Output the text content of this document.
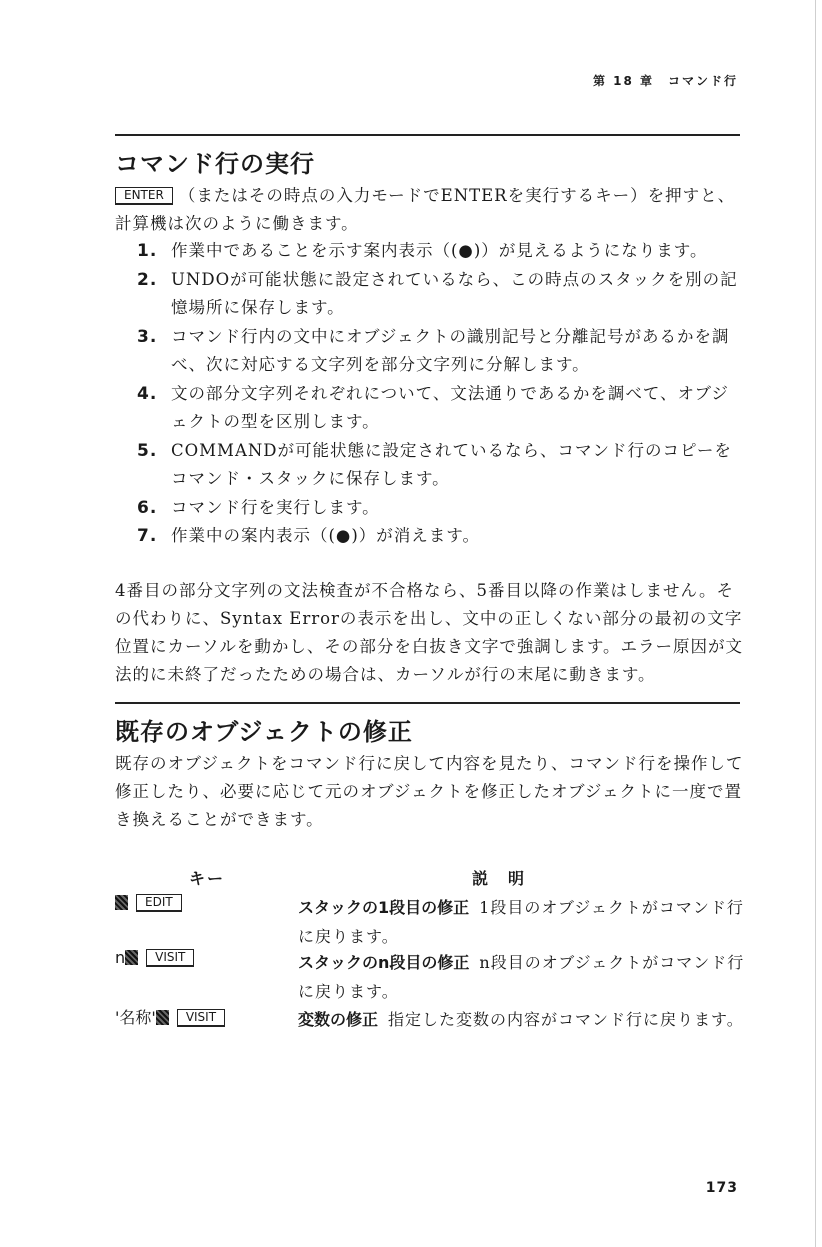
第 18 章　コマンド行
コマンド行の実行

ENTER （またはその時点の入力モードでENTERを実行するキー）を押すと、計算機は次のように働きます。

1. 作業中であることを示す案内表示（(●)）が見えるようになります。
2. UNDOが可能状態に設定されているなら、この時点のスタックを別の記憶場所に保存します。
3. コマンド行内の文中にオブジェクトの識別記号と分離記号があるかを調べ、次に対応する文字列を部分文字列に分解します。
4. 文の部分文字列それぞれについて、文法通りであるかを調べて、オブジェクトの型を区別します。
5. COMMANDが可能状態に設定されているなら、コマンド行のコピーをコマンド・スタックに保存します。
6. コマンド行を実行します。
7. 作業中の案内表示（(●)）が消えます。

4番目の部分文字列の文法検査が不合格なら、5番目以降の作業はしません。その代わりに、Syntax Errorの表示を出し、文中の正しくない部分の最初の文字位置にカーソルを動かし、その部分を白抜き文字で強調します。エラー原因が文法的に未終了だったための場合は、カーソルが行の末尾に動きます。

既存のオブジェクトの修正

既存のオブジェクトをコマンド行に戻して内容を見たり、コマンド行を操作して修正したり、必要に応じて元のオブジェクトを修正したオブジェクトに一度で置き換えることができます。

キー	説　明
EDIT	スタックの1段目の修正 1段目のオブジェクトがコマンド行に戻ります。
n	VISIT	スタックのn段目の修正 n段目のオブジェクトがコマンド行に戻ります。
'名称'	VISIT	変数の修正 指定した変数の内容がコマンド行に戻ります。
173
